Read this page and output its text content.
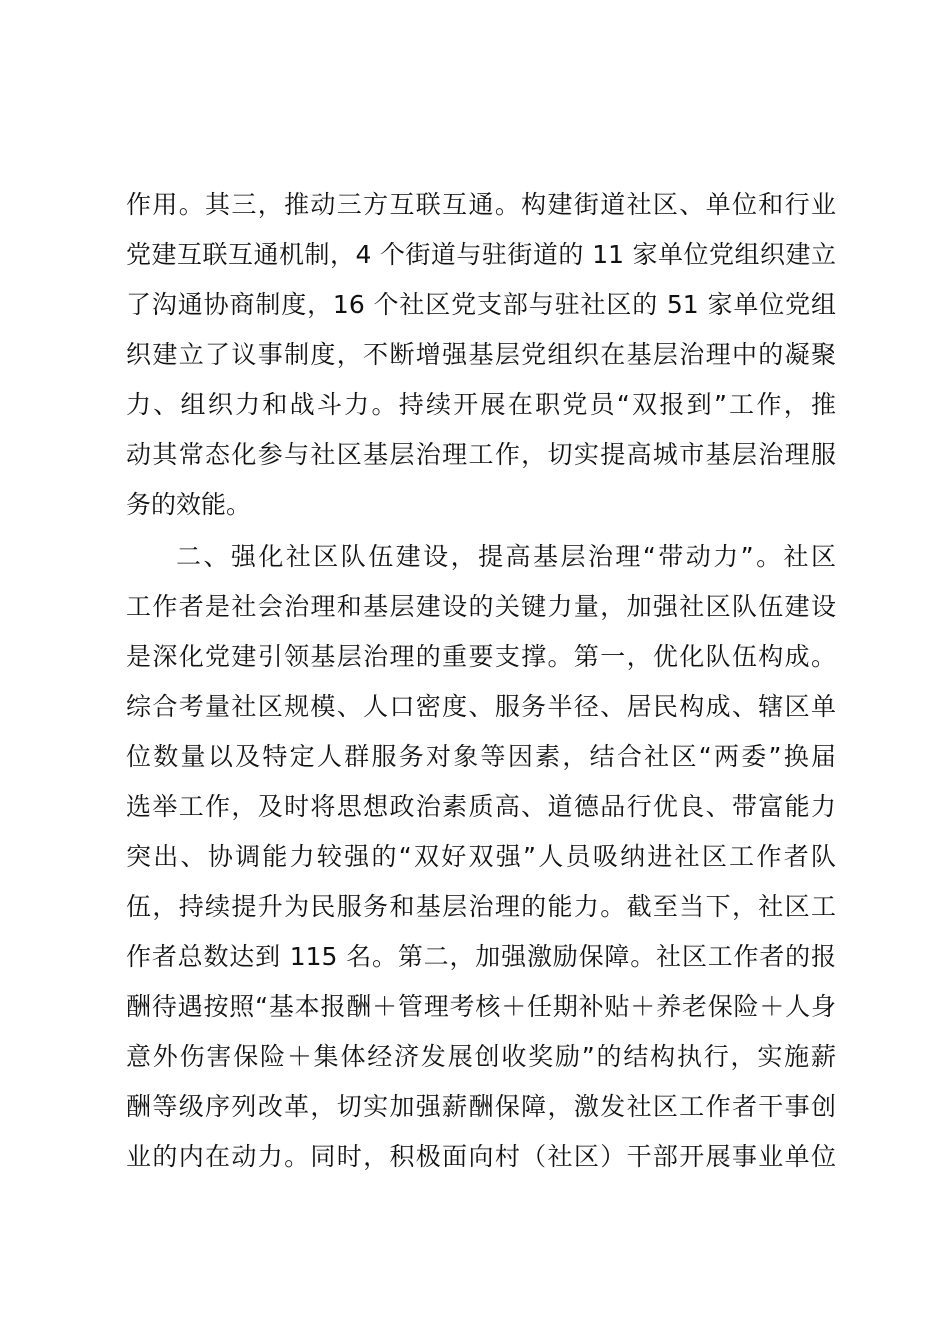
作用。其三，推动三方互联互通。构建街道社区、单位和行业
党建互联互通机制，4 个街道与驻街道的 11 家单位党组织建立
了沟通协商制度，16 个社区党支部与驻社区的 51 家单位党组
织建立了议事制度，不断增强基层党组织在基层治理中的凝聚
力、组织力和战斗力。持续开展在职党员“双报到”工作，推
动其常态化参与社区基层治理工作，切实提高城市基层治理服
务的效能。
二、强化社区队伍建设，提高基层治理“带动力”。社区
工作者是社会治理和基层建设的关键力量，加强社区队伍建设
是深化党建引领基层治理的重要支撑。第一，优化队伍构成。
综合考量社区规模、人口密度、服务半径、居民构成、辖区单
位数量以及特定人群服务对象等因素，结合社区“两委”换届
选举工作，及时将思想政治素质高、道德品行优良、带富能力
突出、协调能力较强的“双好双强”人员吸纳进社区工作者队
伍，持续提升为民服务和基层治理的能力。截至当下，社区工
作者总数达到 115 名。第二，加强激励保障。社区工作者的报
酬待遇按照“基本报酬＋管理考核＋任期补贴＋养老保险＋人身
意外伤害保险＋集体经济发展创收奖励”的结构执行，实施薪
酬等级序列改革，切实加强薪酬保障，激发社区工作者干事创
业的内在动力。同时，积极面向村（社区）干部开展事业单位
